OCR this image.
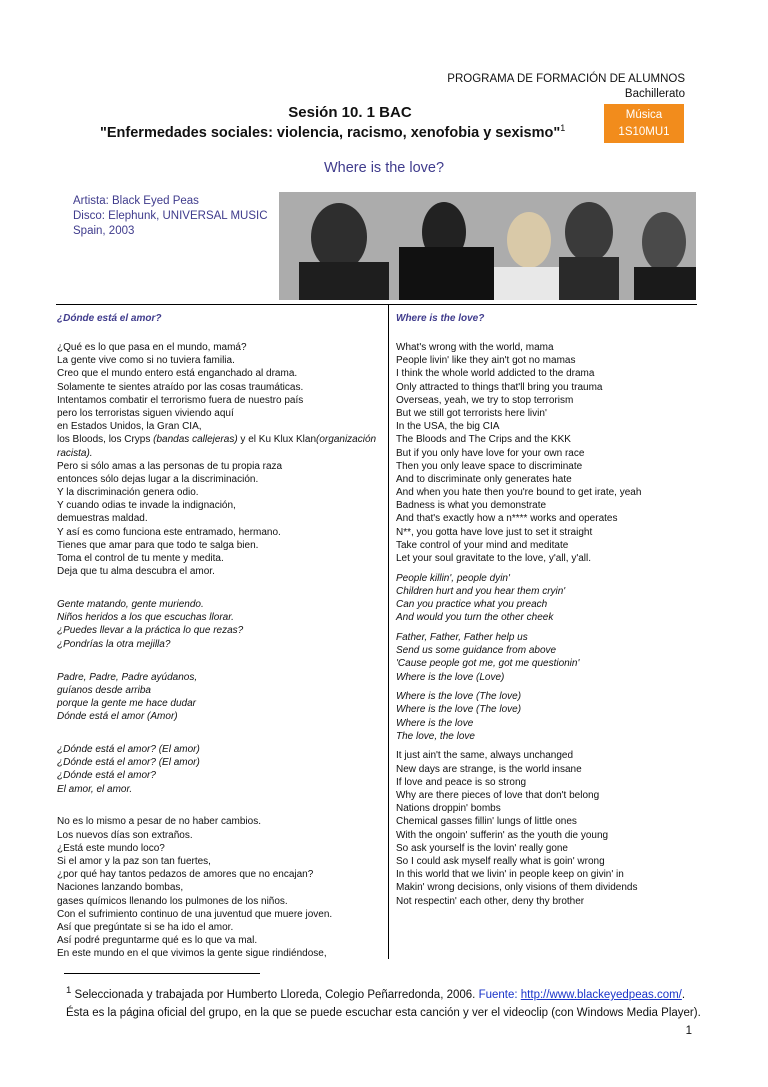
PROGRAMA DE FORMACIÓN DE ALUMNOS
Bachillerato
Música
1S10MU1
Sesión 10. 1 BAC
"Enfermedades sociales: violencia, racismo, xenofobia y sexismo"$^1$
Where is the love?
Artista: Black Eyed Peas
Disco: Elephunk, UNIVERSAL MUSIC
Spain, 2003
¿Dónde está el amor?	Where is the love?
¿Qué es lo que pasa en el mundo, mamá?
La gente vive como si no tuviera familia.
Creo que el mundo entero está enganchado al drama.
Solamente te sientes atraído por las cosas traumáticas.
Intentamos combatir el terrorismo fuera de nuestro país
pero los terroristas siguen viviendo aquí
en Estados Unidos, la Gran CIA,
los Bloods, los Cryps (bandas callejeras) y el Ku Klux Klan(organización
racista).
Pero si sólo amas a las personas de tu propia raza
entonces sólo dejas lugar a la discriminación.
Y la discriminación genera odio.
Y cuando odias te invade la indignación,
demuestras maldad.
Y así es como funciona este entramado, hermano.
Tienes que amar para que todo te salga bien.
Toma el control de tu mente y medita.
Deja que tu alma descubra el amor.
Gente matando, gente muriendo.
Niños heridos a los que escuchas llorar.
¿Puedes llevar a la práctica lo que rezas?
¿Pondrías la otra mejilla?
Padre, Padre, Padre ayúdanos,
guíanos desde arriba
porque la gente me hace dudar
Dónde está el amor (Amor)
¿Dónde está el amor? (El amor)
¿Dónde está el amor? (El amor)
¿Dónde está el amor?
El amor, el amor.
No es lo mismo a pesar de no haber cambios.
Los nuevos días son extraños.
¿Está este mundo loco?
Si el amor y la paz son tan fuertes,
¿por qué hay tantos pedazos de amores que no encajan?
Naciones lanzando bombas,
gases químicos llenando los pulmones de los niños.
Con el sufrimiento continuo de una juventud que muere joven.
Así que pregúntate si se ha ido el amor.
Así podré preguntarme qué es lo que va mal.
En este mundo en el que vivimos la gente sigue rindiéndose,
What's wrong with the world, mama
People livin' like they ain't got no mamas
I think the whole world addicted to the drama
Only attracted to things that'll bring you trauma
Overseas, yeah, we try to stop terrorism
But we still got terrorists here livin'
In the USA, the big CIA
The Bloods and The Crips and the KKK
But if you only have love for your own race
Then you only leave space to discriminate
And to discriminate only generates hate
And when you hate then you're bound to get irate, yeah
Badness is what you demonstrate
And that's exactly how a n**** works and operates
N**, you gotta have love just to set it straight
Take control of your mind and meditate
Let your soul gravitate to the love, y'all, y'all.
People killin', people dyin'
Children hurt and you hear them cryin'
Can you practice what you preach
And would you turn the other cheek
Father, Father, Father help us
Send us some guidance from above
'Cause people got me, got me questionin'
Where is the love (Love)
Where is the love (The love)
Where is the love (The love)
Where is the love
The love, the love
It just ain't the same, always unchanged
New days are strange, is the world insane
If love and peace is so strong
Why are there pieces of love that don't belong
Nations droppin' bombs
Chemical gasses fillin' lungs of little ones
With the ongoin' sufferin' as the youth die young
So ask yourself is the lovin' really gone
So I could ask myself really what is goin' wrong
In this world that we livin' in people keep on givin' in
Makin' wrong decisions, only visions of them dividends
Not respectin' each other, deny thy brother
$^1$ Seleccionada y trabajada por Humberto Lloreda, Colegio Peñarredonda, 2006. Fuente: http://www.blackeyedpeas.com/. Ésta es la página oficial del grupo, en la que se puede escuchar esta canción y ver el videoclip (con Windows Media Player).
1
